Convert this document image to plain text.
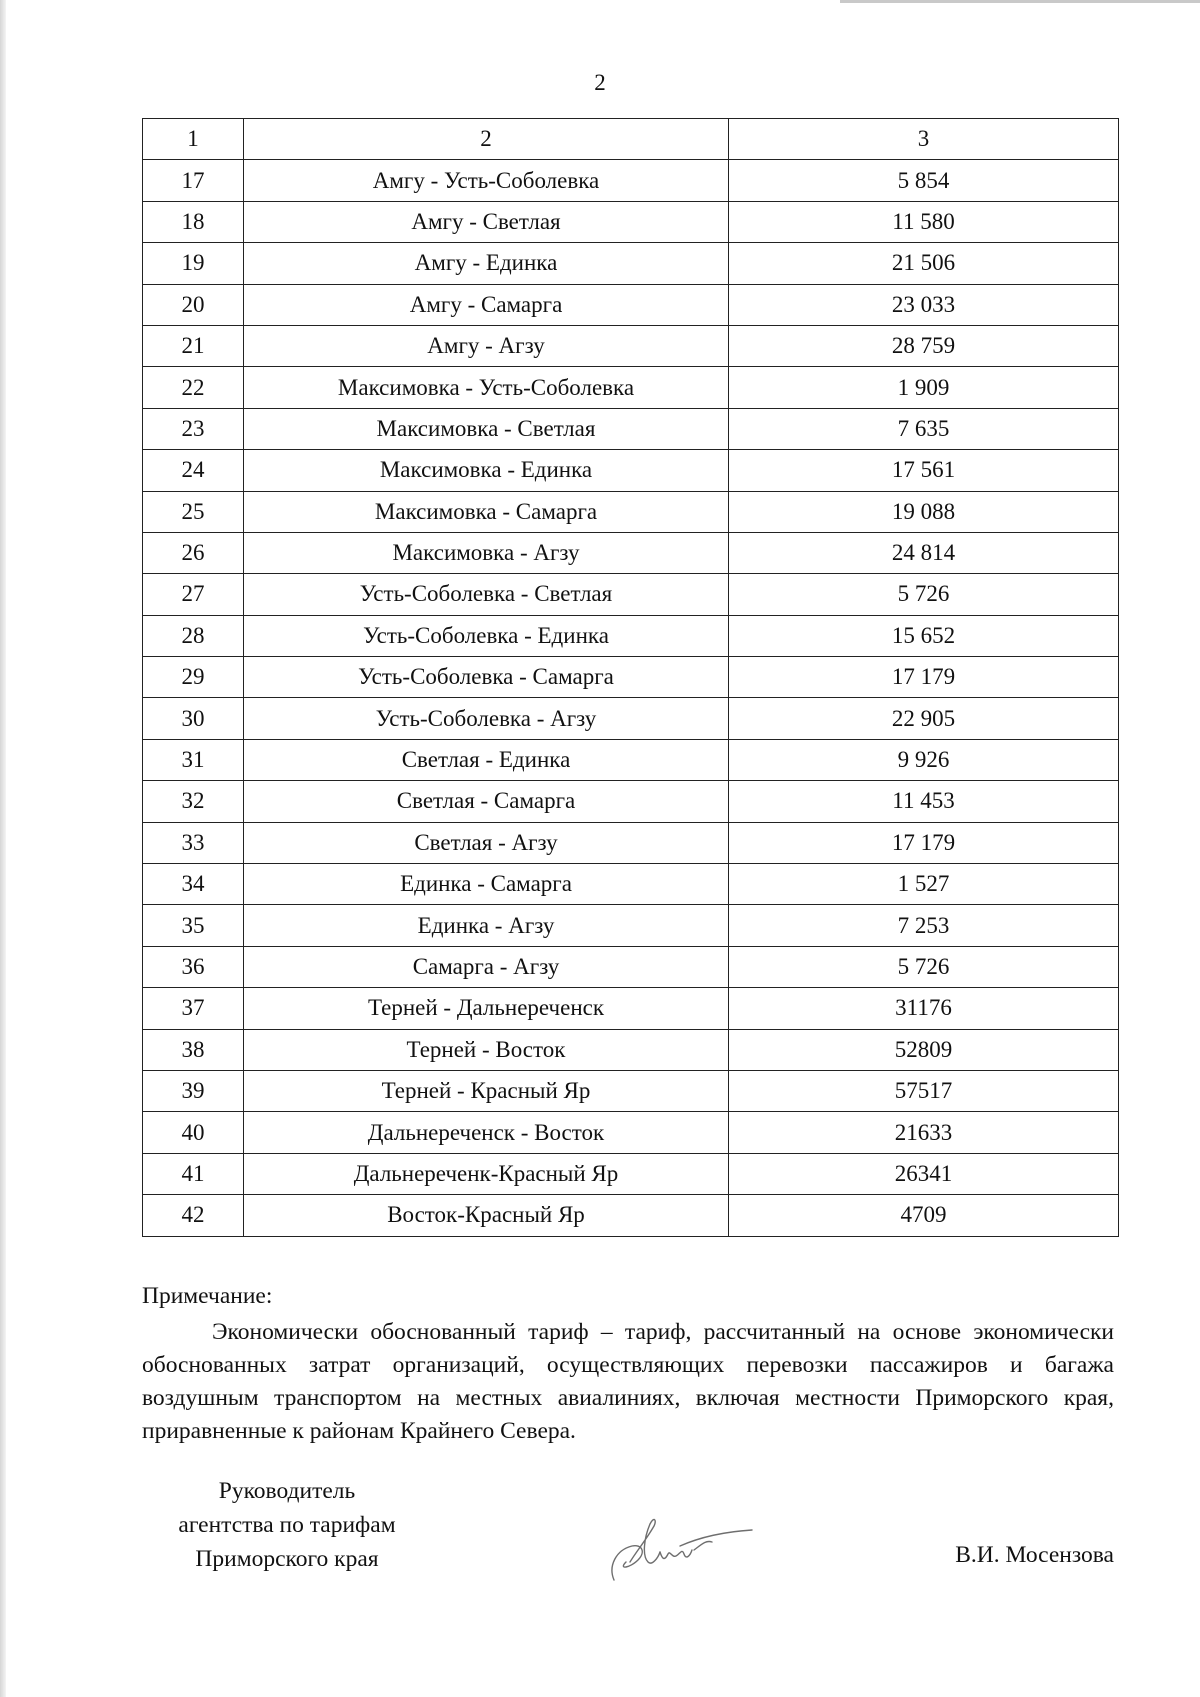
2
1	2	3
17	Амгу - Усть-Соболевка	5 854
18	Амгу - Светлая	11 580
19	Амгу - Единка	21 506
20	Амгу - Самарга	23 033
21	Амгу - Агзу	28 759
22	Максимовка - Усть-Соболевка	1 909
23	Максимовка - Светлая	7 635
24	Максимовка - Единка	17 561
25	Максимовка - Самарга	19 088
26	Максимовка - Агзу	24 814
27	Усть-Соболевка - Светлая	5 726
28	Усть-Соболевка - Единка	15 652
29	Усть-Соболевка - Самарга	17 179
30	Усть-Соболевка - Агзу	22 905
31	Светлая - Единка	9 926
32	Светлая - Самарга	11 453
33	Светлая - Агзу	17 179
34	Единка - Самарга	1 527
35	Единка - Агзу	7 253
36	Самарга - Агзу	5 726
37	Терней - Дальнереченск	31176
38	Терней - Восток	52809
39	Терней - Красный Яр	57517
40	Дальнереченск - Восток	21633
41	Дальнереченк-Красный Яр	26341
42	Восток-Красный Яр	4709

Примечание:

Экономически обоснованный тариф – тариф, рассчитанный на основе экономически обоснованных затрат организаций, осуществляющих перевозки пассажиров и багажа воздушным транспортом на местных авиалиниях, включая местности Приморского края, приравненные к районам Крайнего Севера.

Руководитель
агентства по тарифам
Приморского края	В.И. Мосензова
